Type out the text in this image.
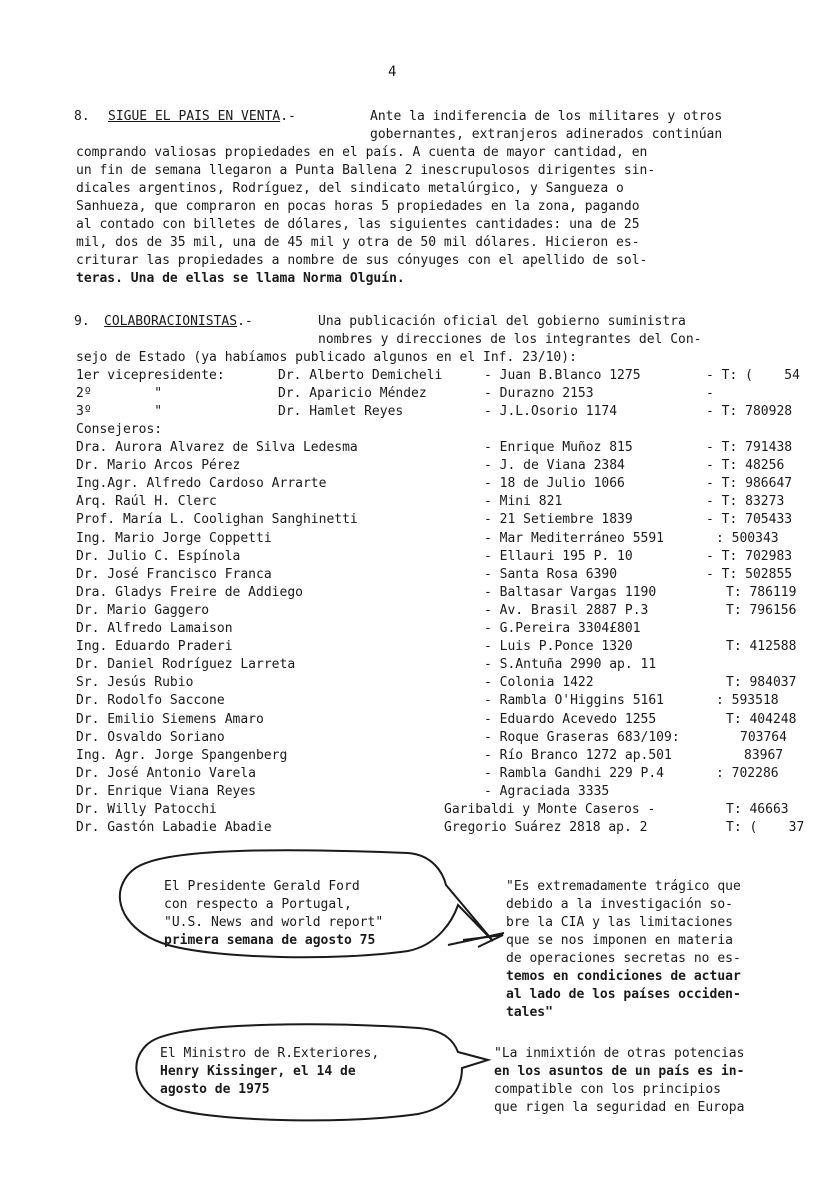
4
8. SIGUE EL PAIS EN VENTA.-	Ante la indiferencia de los militares y otros
gobernantes, extranjeros adinerados continúan
comprando valiosas propiedades en el país. A cuenta de mayor cantidad, en
un fin de semana llegaron a Punta Ballena 2 inescrupulosos dirigentes sin-
dicales argentinos, Rodríguez, del sindicato metalúrgico, y Sangueza o
Sanhueza, que compraron en pocas horas 5 propiedades en la zona, pagando
al contado con billetes de dólares, las siguientes cantidades: una de 25
mil, dos de 35 mil, una de 45 mil y otra de 50 mil dólares. Hicieron es-
criturar las propiedades a nombre de sus cónyuges con el apellido de sol-
teras. Una de ellas se llama Norma Olguín.
9. COLABORACIONISTAS.-	Una publicación oficial del gobierno suministra
nombres y direcciones de los integrantes del Con-
sejo de Estado (ya habíamos publicado algunos en el Inf. 23/10):
1er vicepresidente:	Dr. Alberto Demicheli	- Juan B.Blanco 1275	- T: (    54
2º        "	Dr. Aparicio Méndez	- Durazno 2153	-
3º        "	Dr. Hamlet Reyes	- J.L.Osorio 1174	- T: 780928
Consejeros:
Dra. Aurora Alvarez de Silva Ledesma	- Enrique Muñoz 815	- T: 791438
Dr. Mario Arcos Pérez	- J. de Viana 2384	- T: 48256
Ing.Agr. Alfredo Cardoso Arrarte	- 18 de Julio 1066	- T: 986647
Arq. Raúl H. Clerc	- Mini 821	- T: 83273
Prof. María L. Coolighan Sanghinetti	- 21 Setiembre 1839	- T: 705433
Ing. Mario Jorge Coppetti	- Mar Mediterráneo 5591	: 500343
Dr. Julio C. Espínola	- Ellauri 195 P. 10	- T: 702983
Dr. José Francisco Franca	- Santa Rosa 6390	- T: 502855
Dra. Gladys Freire de Addiego	- Baltasar Vargas 1190	T: 786119
Dr. Mario Gaggero	- Av. Brasil 2887 P.3	T: 796156
Dr. Alfredo Lamaison	- G.Pereira 3304£801
Ing. Eduardo Praderi	- Luis P.Ponce 1320	T: 412588
Dr. Daniel Rodríguez Larreta	- S.Antuña 2990 ap. 11
Sr. Jesús Rubio	- Colonia 1422	T: 984037
Dr. Rodolfo Saccone	- Rambla O'Higgins 5161	: 593518
Dr. Emilio Siemens Amaro	- Eduardo Acevedo 1255	T: 404248
Dr. Osvaldo Soriano	- Roque Graseras 683/109:	703764
Ing. Agr. Jorge Spangenberg	- Río Branco 1272 ap.501	83967
Dr. José Antonio Varela	- Rambla Gandhi 229 P.4	: 702286
Dr. Enrique Viana Reyes	- Agraciada 3335
Dr. Willy Patocchi	Garibaldi y Monte Caseros -	T: 46663
Dr. Gastón Labadie Abadie	Gregorio Suárez 2818 ap. 2	T: (    37
El Presidente Gerald Ford
con respecto a Portugal,
"U.S. News and world report"
primera semana de agosto 75
"Es extremadamente trágico que
debido a la investigación so-
bre la CIA y las limitaciones
que se nos imponen en materia
de operaciones secretas no es-
temos en condiciones de actuar
al lado de los países occiden-
tales"
El Ministro de R.Exteriores,
Henry Kissinger, el 14 de
agosto de 1975
"La inmixtión de otras potencias
en los asuntos de un país es in-
compatible con los principios
que rigen la seguridad en Europa
